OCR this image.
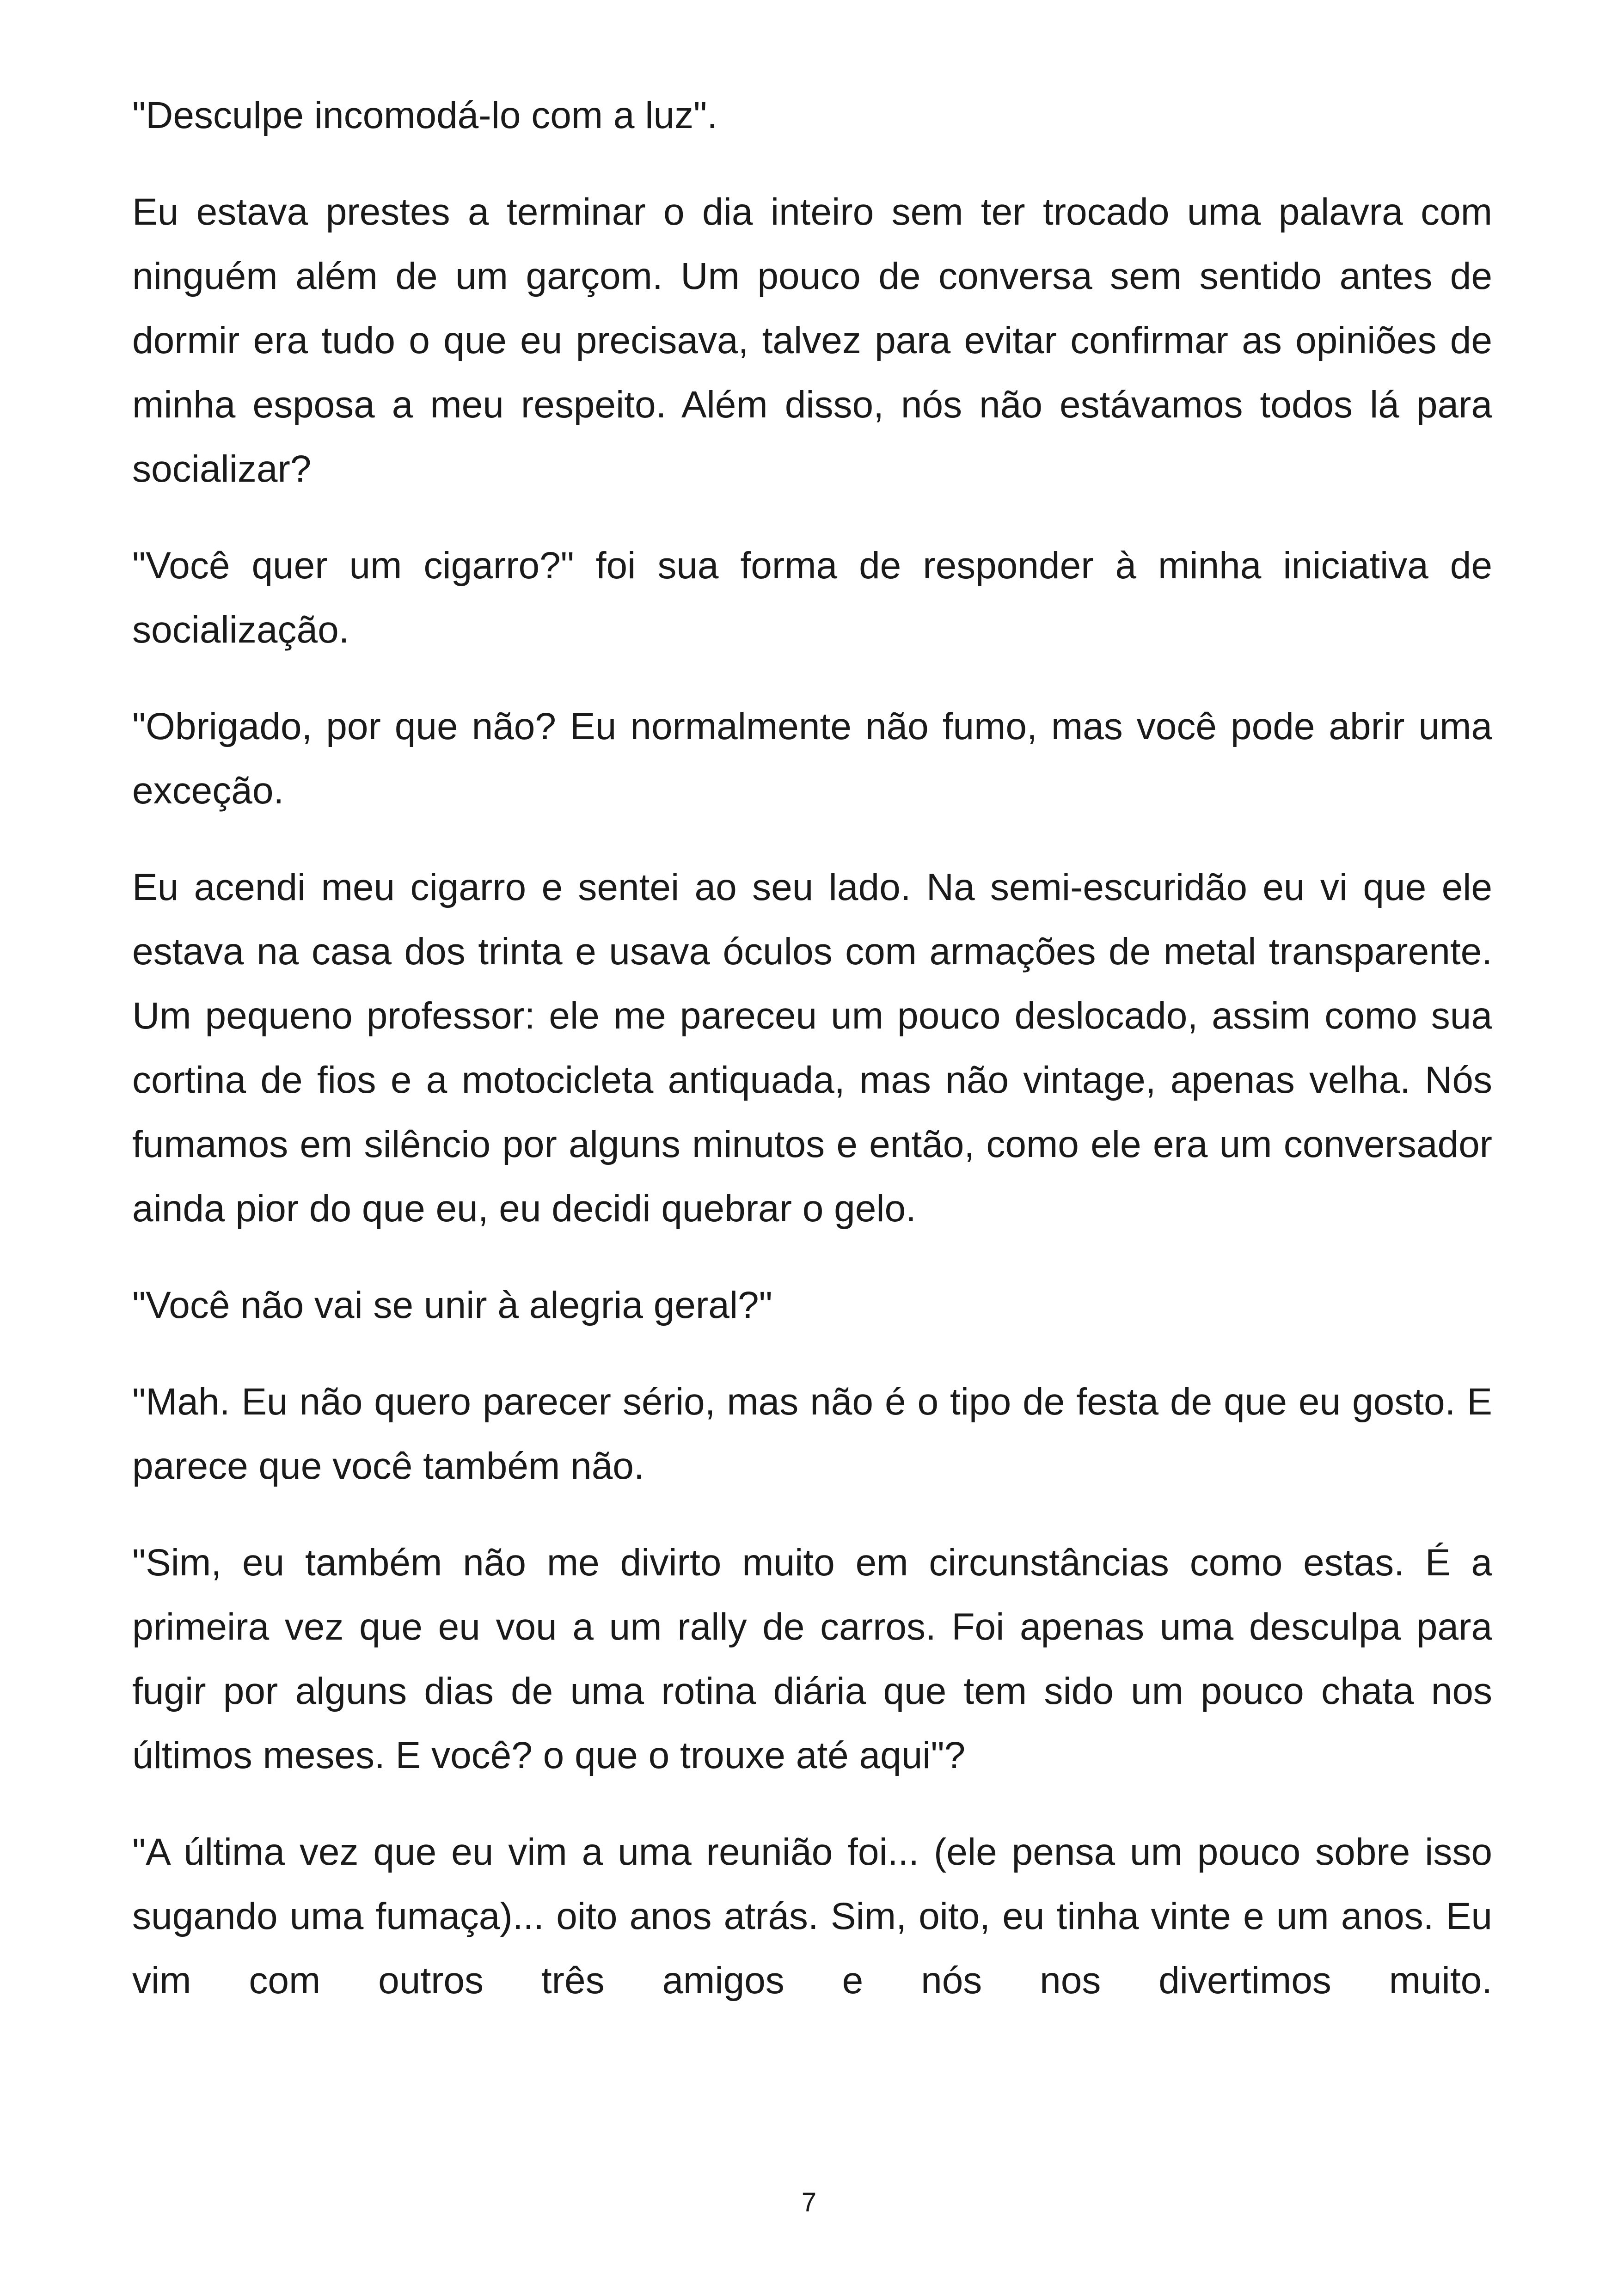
"Desculpe incomodá-lo com a luz".

Eu estava prestes a terminar o dia inteiro sem ter trocado uma palavra com ninguém além de um garçom. Um pouco de conversa sem sentido antes de dormir era tudo o que eu precisava, talvez para evitar confirmar as opiniões de minha esposa a meu respeito. Além disso, nós não estávamos todos lá para socializar?

"Você quer um cigarro?" foi sua forma de responder à minha iniciativa de socialização.

"Obrigado, por que não? Eu normalmente não fumo, mas você pode abrir uma exceção.

Eu acendi meu cigarro e sentei ao seu lado. Na semi-escuridão eu vi que ele estava na casa dos trinta e usava óculos com armações de metal transparente. Um pequeno professor: ele me pareceu um pouco deslocado, assim como sua cortina de fios e a motocicleta antiquada, mas não vintage, apenas velha. Nós fumamos em silêncio por alguns minutos e então, como ele era um conversador ainda pior do que eu, eu decidi quebrar o gelo.

"Você não vai se unir à alegria geral?"

"Mah. Eu não quero parecer sério, mas não é o tipo de festa de que eu gosto. E parece que você também não.

"Sim, eu também não me divirto muito em circunstâncias como estas. É a primeira vez que eu vou a um rally de carros. Foi apenas uma desculpa para fugir por alguns dias de uma rotina diária que tem sido um pouco chata nos últimos meses. E você? o que o trouxe até aqui"?

"A última vez que eu vim a uma reunião foi... (ele pensa um pouco sobre isso sugando uma fumaça)... oito anos atrás. Sim, oito, eu tinha vinte e um anos. Eu vim com outros três amigos e nós nos divertimos muito.

7
